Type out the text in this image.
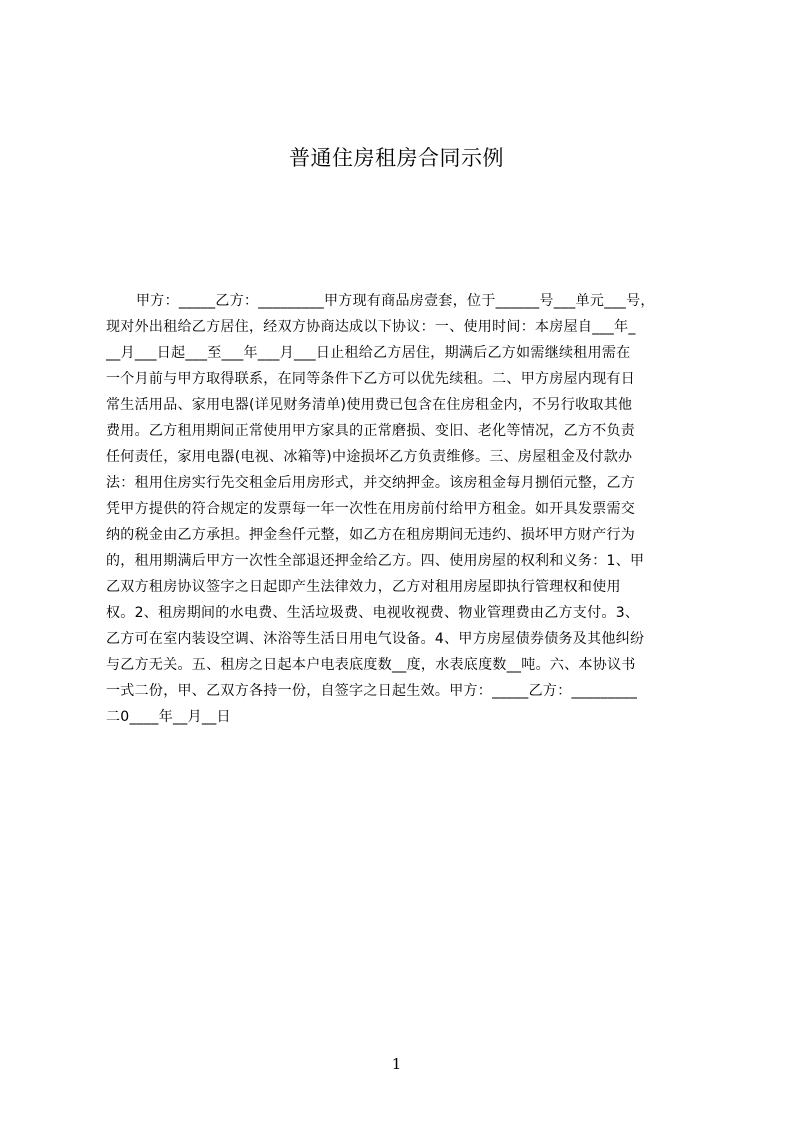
普通住房租房合同示例
甲方：_____乙方：_________甲方现有商品房壹套，位于______号___单元___号，
现对外出租给乙方居住，经双方协商达成以下协议：一、使用时间：本房屋自___年_
__月___日起___至___年___月___日止租给乙方居住，期满后乙方如需继续租用需在
一个月前与甲方取得联系，在同等条件下乙方可以优先续租。二、甲方房屋内现有日
常生活用品、家用电器(详见财务清单)使用费已包含在住房租金内，不另行收取其他
费用。乙方租用期间正常使用甲方家具的正常磨损、变旧、老化等情况，乙方不负责
任何责任，家用电器(电视、冰箱等)中途损坏乙方负责维修。三、房屋租金及付款办
法：租用住房实行先交租金后用房形式，并交纳押金。该房租金每月捌佰元整，乙方
凭甲方提供的符合规定的发票每一年一次性在用房前付给甲方租金。如开具发票需交
纳的税金由乙方承担。押金叁仟元整，如乙方在租房期间无违约、损坏甲方财产行为
的，租用期满后甲方一次性全部退还押金给乙方。四、使用房屋的权利和义务：1、甲
乙双方租房协议签字之日起即产生法律效力，乙方对租用房屋即执行管理权和使用
权。2、租房期间的水电费、生活垃圾费、电视收视费、物业管理费由乙方支付。3、
乙方可在室内装设空调、沐浴等生活日用电气设备。4、甲方房屋债券债务及其他纠纷
与乙方无关。五、租房之日起本户电表底度数__度，水表底度数__吨。六、本协议书
一式二份，甲、乙双方各持一份，自签字之日起生效。甲方：_____乙方：_________
二0____年__月__日
1
